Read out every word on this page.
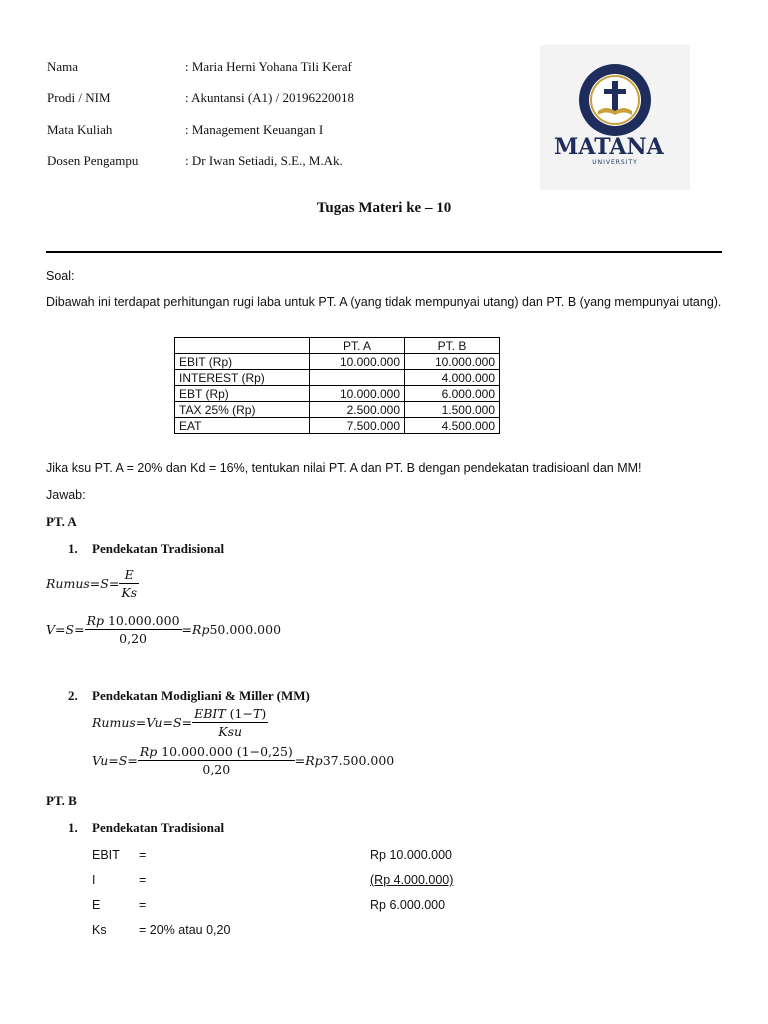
Nama	: Maria Herni Yohana Tili Keraf
Prodi / NIM	: Akuntansi (A1) / 20196220018
Mata Kuliah	: Management Keuangan I
Dosen Pengampu	: Dr Iwan Setiadi, S.E., M.Ak.
MATANA
UNIVERSITY
Tugas Materi ke – 10
Soal:
Dibawah ini terdapat perhitungan rugi laba untuk PT. A (yang tidak mempunyai utang) dan PT. B (yang mempunyai utang).
	PT. A	PT. B
EBIT (Rp)	10.000.000	10.000.000
INTEREST (Rp)		4.000.000
EBT (Rp)	10.000.000	6.000.000
TAX 25% (Rp)	2.500.000	1.500.000
EAT	7.500.000	4.500.000
Jika ksu PT. A = 20% dan Kd = 16%, tentukan nilai PT. A dan PT. B dengan pendekatan tradisioanl dan MM!
Jawab:
PT. A
1. Pendekatan Tradisional
Rumus = $S = \frac{E}{Ks}$
$V = S = \frac{Rp 10.000.000}{0,20} = Rp$ 50.000.000
2. Pendekatan Modigliani & Miller (MM)
Rumus = $Vu = S = \frac{\text{EBIT (1−T)}}{\text{Ksu}}$
$Vu = S = \frac{Rp 10.000.000 (1-0,25)}{0,20} = Rp$ 37.500.000
PT. B
1. Pendekatan Tradisional
EBIT =	Rp 10.000.000
I	=	(Rp 4.000.000)
E	=	Rp 6.000.000
Ks	= 20% atau 0,20
